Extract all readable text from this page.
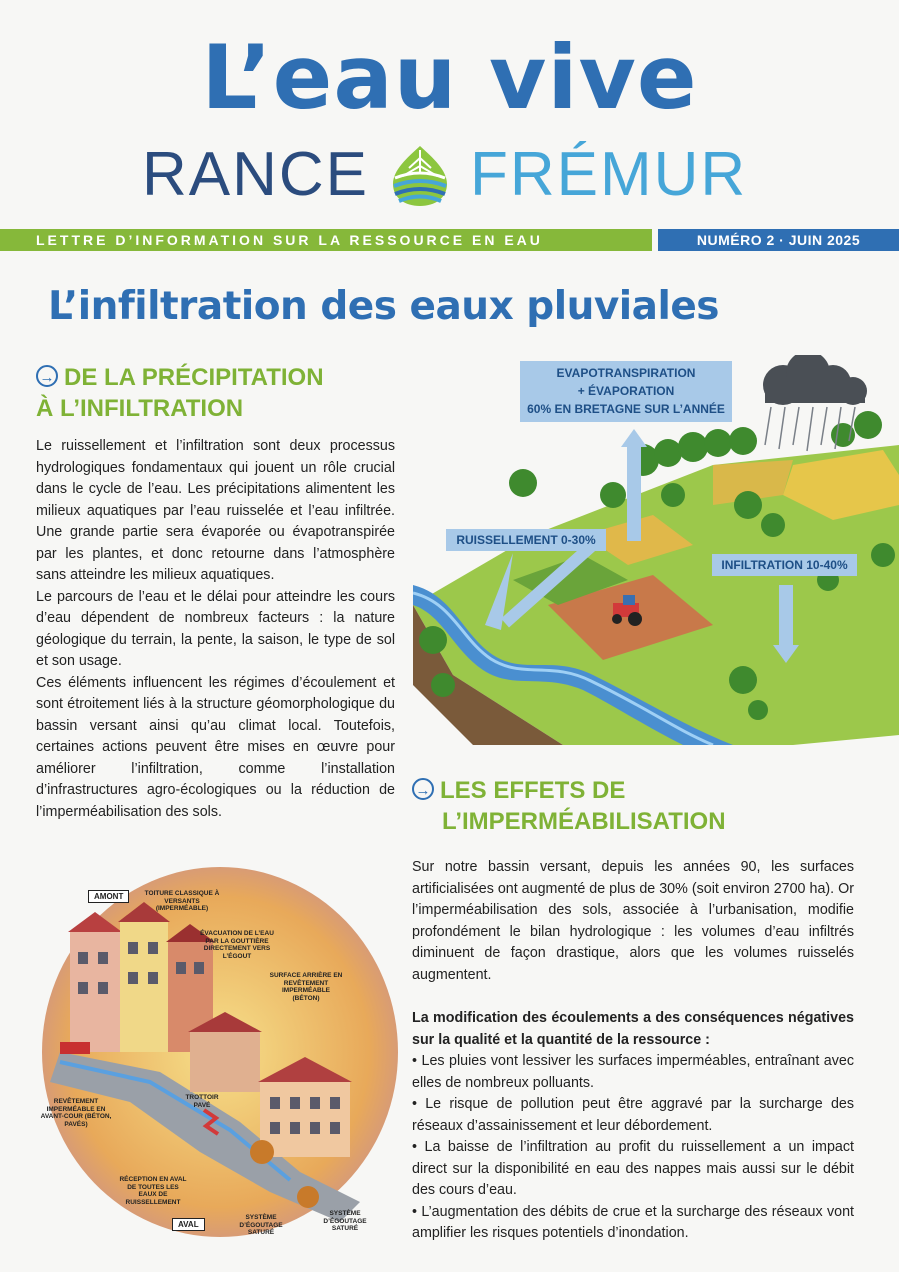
L’eau vive
RANCE FRÉMUR
LETTRE D’INFORMATION SUR LA RESSOURCE EN EAU	NUMÉRO 2 · JUIN 2025
L’infiltration des eaux pluviales
→ DE LA PRÉCIPITATION
À L’INFILTRATION

Le ruissellement et l’infiltration sont deux processus hydrologiques fondamentaux qui jouent un rôle crucial dans le cycle de l’eau. Les précipitations alimentent les milieux aquatiques par l’eau ruisselée et l’eau infiltrée. Une grande partie sera évaporée ou évapotranspirée par les plantes, et donc retourne dans l’atmosphère sans atteindre les milieux aquatiques.

Le parcours de l’eau et le délai pour atteindre les cours d’eau dépendent de nombreux facteurs : la nature géologique du terrain, la pente, la saison, le type de sol et son usage.

Ces éléments influencent les régimes d’écoulement et sont étroitement liés à la structure géomorphologique du bassin versant ainsi qu’au climat local. Toutefois, certaines actions peuvent être mises en œuvre pour améliorer l’infiltration, comme l’installation d’infrastructures agro-écologiques ou la réduction de l’imperméabilisation des sols.

EVAPOTRANSPIRATION
+ ÉVAPORATION
60% EN BRETAGNE SUR L’ANNÉE
RUISSELLEMENT 0-30%
INFILTRATION 10-40%
→ LES EFFETS DE
L’IMPERMÉABILISATION

Sur notre bassin versant, depuis les années 90, les surfaces artificialisées ont augmenté de plus de 30% (soit environ 2700 ha). Or l’imperméabilisation des sols, associée à l’urbanisation, modifie profondément le bilan hydrologique : les volumes d’eau infiltrés diminuent de façon drastique, alors que les volumes ruisselés augmentent.

La modification des écoulements a des conséquences négatives sur la qualité et la quantité de la ressource :

• Les pluies vont lessiver les surfaces imperméables, entraînant avec elles de nombreux polluants.

• Le risque de pollution peut être aggravé par la surcharge des réseaux d’assainissement et leur débordement.

• La baisse de l’infiltration au profit du ruissellement a un impact direct sur la disponibilité en eau des nappes mais aussi sur le débit des cours d’eau.

• L’augmentation des débits de crue et la surcharge des réseaux vont amplifier les risques potentiels d’inondation.

AMONT
AVAL
TOITURE CLASSIQUE À VERSANTS (IMPERMÉABLE)
ÉVACUATION DE L’EAU PAR LA GOUTTIÈRE DIRECTEMENT VERS L’ÉGOUT
SURFACE ARRIÈRE EN REVÊTEMENT IMPERMÉABLE (BÉTON)
REVÊTEMENT IMPERMÉABLE EN AVANT-COUR (BÉTON, PAVÉS)
TROTTOIR PAVÉ
RÉCEPTION EN AVAL DE TOUTES LES EAUX DE RUISSELLEMENT
SYSTÈME D’ÉGOUTAGE SATURÉ
SYSTÈME D’ÉGOUTAGE SATURÉ
